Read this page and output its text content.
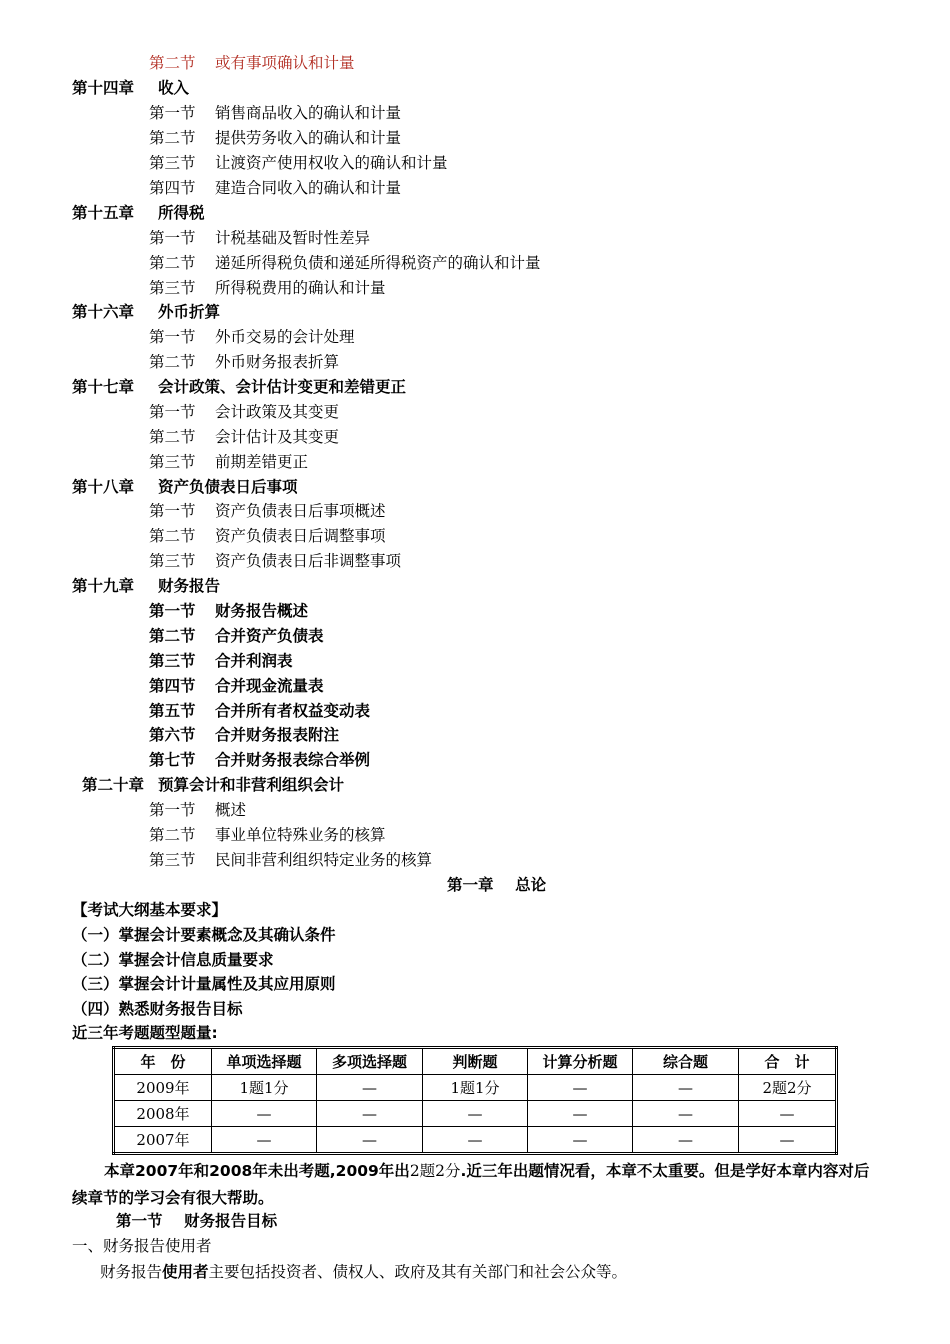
第二节 或有事项确认和计量
第十四章 收入
第一节 销售商品收入的确认和计量
第二节 提供劳务收入的确认和计量
第三节 让渡资产使用权收入的确认和计量
第四节 建造合同收入的确认和计量
第十五章 所得税
第一节 计税基础及暂时性差异
第二节 递延所得税负债和递延所得税资产的确认和计量
第三节 所得税费用的确认和计量
第十六章 外币折算
第一节 外币交易的会计处理
第二节 外币财务报表折算
第十七章 会计政策、会计估计变更和差错更正
第一节 会计政策及其变更
第二节 会计估计及其变更
第三节 前期差错更正
第十八章 资产负债表日后事项
第一节 资产负债表日后事项概述
第二节 资产负债表日后调整事项
第三节 资产负债表日后非调整事项
第十九章 财务报告
第一节 财务报告概述
第二节 合并资产负债表
第三节 合并利润表
第四节 合并现金流量表
第五节 合并所有者权益变动表
第六节 合并财务报表附注
第七节 合并财务报表综合举例
第二十章 预算会计和非营利组织会计
第一节 概述
第二节 事业单位特殊业务的核算
第三节 民间非营利组织特定业务的核算
第一章    总论
【考试大纲基本要求】
（一）掌握会计要素概念及其确认条件
（二）掌握会计信息质量要求
（三）掌握会计计量属性及其应用原则
（四）熟悉财务报告目标
近三年考题题型题量:
年　份	单项选择题	多项选择题	判断题	计算分析题	综合题	合　计
2009年	1题1分	—	1题1分	—	—	2题2分
2008年	—	—	—	—	—	—
2007年	—	—	—	—	—	—
本章2007年和2008年未出考题,2009年出2题2分.近三年出题情况看，本章不太重要。但是学好本章内容对后续章节的学习会有很大帮助。
第一节    财务报告目标
一、财务报告使用者
财务报告使用者主要包括投资者、债权人、政府及其有关部门和社会公众等。
